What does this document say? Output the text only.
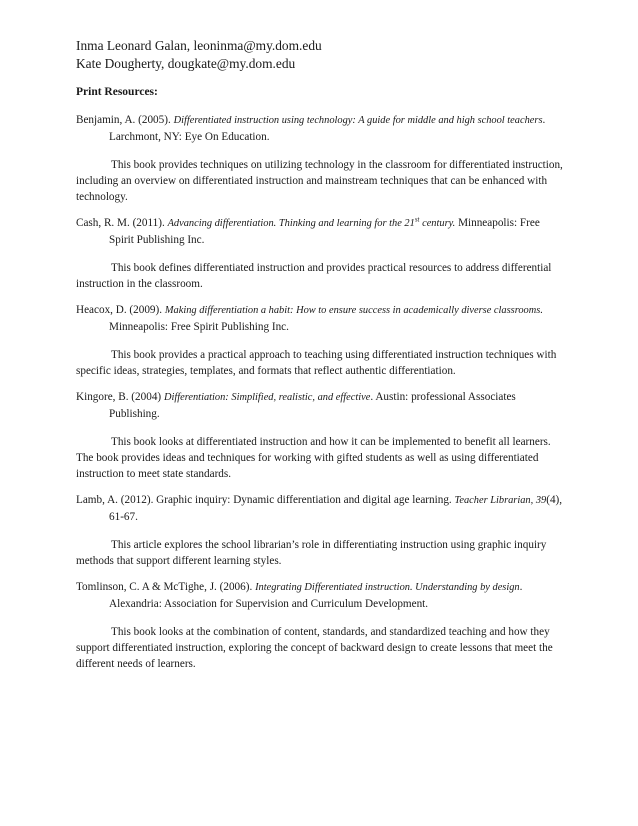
Inma Leonard Galan, leoninma@my.dom.edu

Kate Dougherty, dougkate@my.dom.edu

Print Resources:

Benjamin, A. (2005). Differentiated instruction using technology: A guide for middle and high school teachers. Larchmont, NY: Eye On Education.

This book provides techniques on utilizing technology in the classroom for differentiated instruction, including an overview on differentiated instruction and mainstream techniques that can be enhanced with technology.

Cash, R. M. (2011). Advancing differentiation. Thinking and learning for the 21st century. Minneapolis: Free Spirit Publishing Inc.

This book defines differentiated instruction and provides practical resources to address differential instruction in the classroom.

Heacox, D. (2009). Making differentiation a habit: How to ensure success in academically diverse classrooms. Minneapolis: Free Spirit Publishing Inc.

This book provides a practical approach to teaching using differentiated instruction techniques with specific ideas, strategies, templates, and formats that reflect authentic differentiation.

Kingore, B. (2004) Differentiation: Simplified, realistic, and effective. Austin: professional Associates Publishing.

This book looks at differentiated instruction and how it can be implemented to benefit all learners. The book provides ideas and techniques for working with gifted students as well as using differentiated instruction to meet state standards.

Lamb, A. (2012). Graphic inquiry: Dynamic differentiation and digital age learning. Teacher Librarian, 39(4), 61-67.

This article explores the school librarian’s role in differentiating instruction using graphic inquiry methods that support different learning styles.

Tomlinson, C. A & McTighe, J. (2006). Integrating Differentiated instruction. Understanding by design. Alexandria: Association for Supervision and Curriculum Development.

This book looks at the combination of content, standards, and standardized teaching and how they support differentiated instruction, exploring the concept of backward design to create lessons that meet the different needs of learners.
